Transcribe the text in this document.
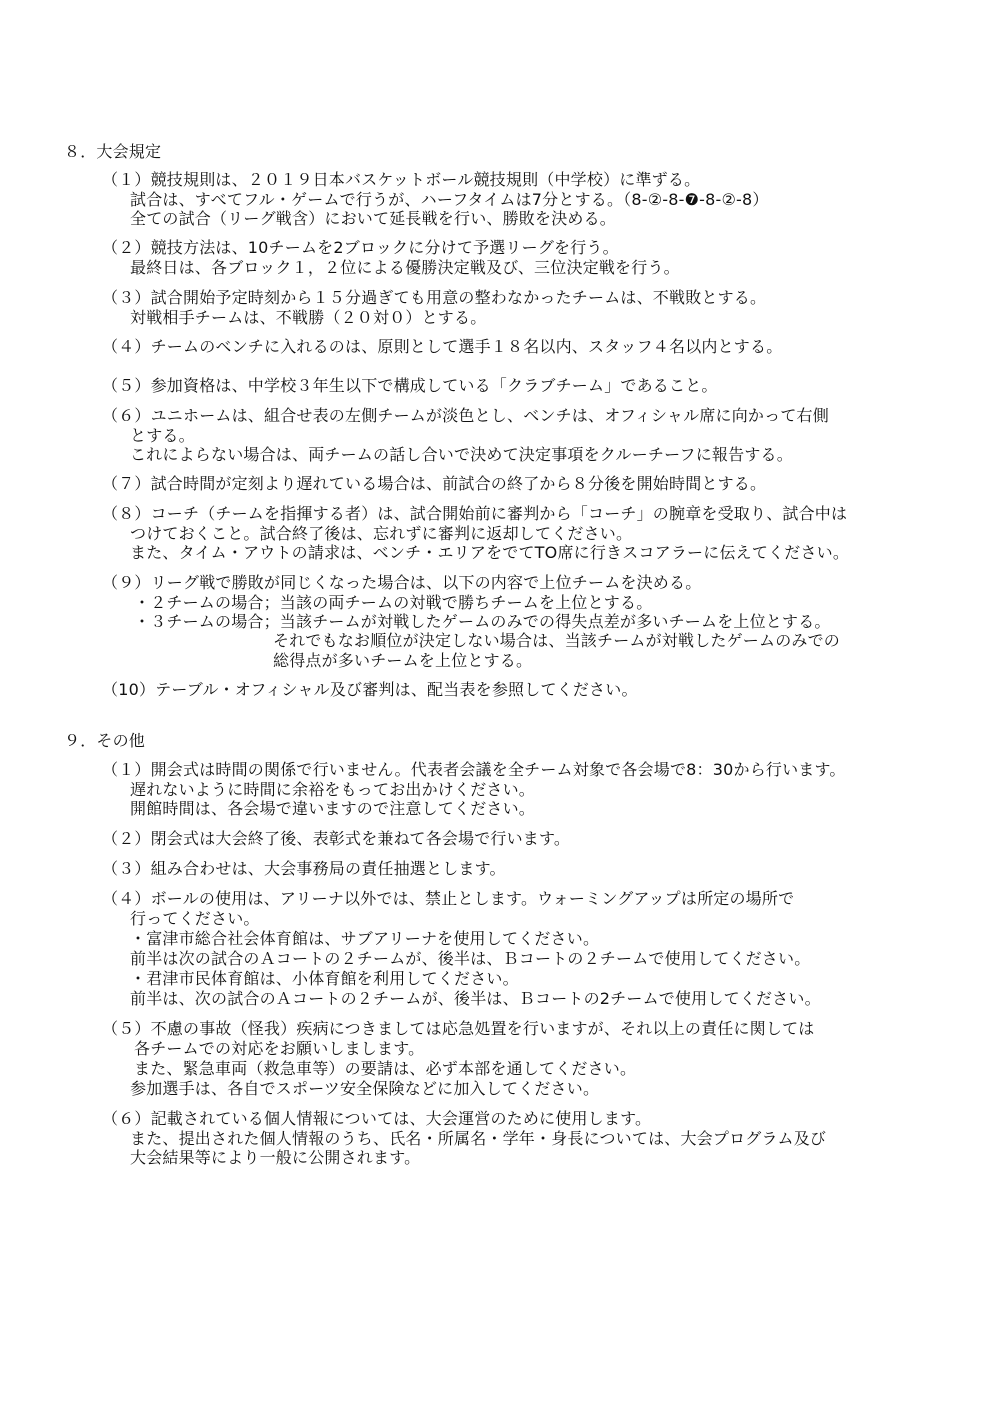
８．大会規定
（１）競技規則は、２０１９日本バスケットボール競技規則（中学校）に準ずる。
試合は、すべてフル・ゲームで行うが、ハーフタイムは7分とする。（8-②-8-❼-8-②-8）
全ての試合（リーグ戦含）において延長戦を行い、勝敗を決める。
（２）競技方法は、10チームを2ブロックに分けて予選リーグを行う。
最終日は、各ブロック１，２位による優勝決定戦及び、三位決定戦を行う。
（３）試合開始予定時刻から１５分過ぎても用意の整わなかったチームは、不戦敗とする。
対戦相手チームは、不戦勝（２０対０）とする。
（４）チームのベンチに入れるのは、原則として選手１８名以内、スタッフ４名以内とする。
（５）参加資格は、中学校３年生以下で構成している「クラブチーム」であること。
（６）ユニホームは、組合せ表の左側チームが淡色とし、ベンチは、オフィシャル席に向かって右側
とする。
これによらない場合は、両チームの話し合いで決めて決定事項をクルーチーフに報告する。
（７）試合時間が定刻より遅れている場合は、前試合の終了から８分後を開始時間とする。
（８）コーチ（チームを指揮する者）は、試合開始前に審判から「コーチ」の腕章を受取り、試合中は
つけておくこと。試合終了後は、忘れずに審判に返却してください。
また、タイム・アウトの請求は、ベンチ・エリアをでてTO席に行きスコアラーに伝えてください。
（９）リーグ戦で勝敗が同じくなった場合は、以下の内容で上位チームを決める。
・２チームの場合；当該の両チームの対戦で勝ちチームを上位とする。
・３チームの場合；当該チームが対戦したゲームのみでの得失点差が多いチームを上位とする。
それでもなお順位が決定しない場合は、当該チームが対戦したゲームのみでの
総得点が多いチームを上位とする。
（10）テーブル・オフィシャル及び審判は、配当表を参照してください。
９．その他
（１）開会式は時間の関係で行いません。代表者会議を全チーム対象で各会場で8：30から行います。
遅れないように時間に余裕をもってお出かけください。
開館時間は、各会場で違いますので注意してください。
（２）閉会式は大会終了後、表彰式を兼ねて各会場で行います。
（３）組み合わせは、大会事務局の責任抽選とします。
（４）ボールの使用は、アリーナ以外では、禁止とします。ウォーミングアップは所定の場所で
行ってください。
・富津市総合社会体育館は、サブアリーナを使用してください。
前半は次の試合のＡコートの２チームが、後半は、Ｂコートの２チームで使用してください。
・君津市民体育館は、小体育館を利用してください。
前半は、次の試合のＡコートの２チームが、後半は、Ｂコートの2チームで使用してください。
（５）不慮の事故（怪我）疾病につきましては応急処置を行いますが、それ以上の責任に関しては
各チームでの対応をお願いしまします。
また、緊急車両（救急車等）の要請は、必ず本部を通してください。
参加選手は、各自でスポーツ安全保険などに加入してください。
（６）記載されている個人情報については、大会運営のために使用します。
また、提出された個人情報のうち、氏名・所属名・学年・身長については、大会プログラム及び
大会結果等により一般に公開されます。
